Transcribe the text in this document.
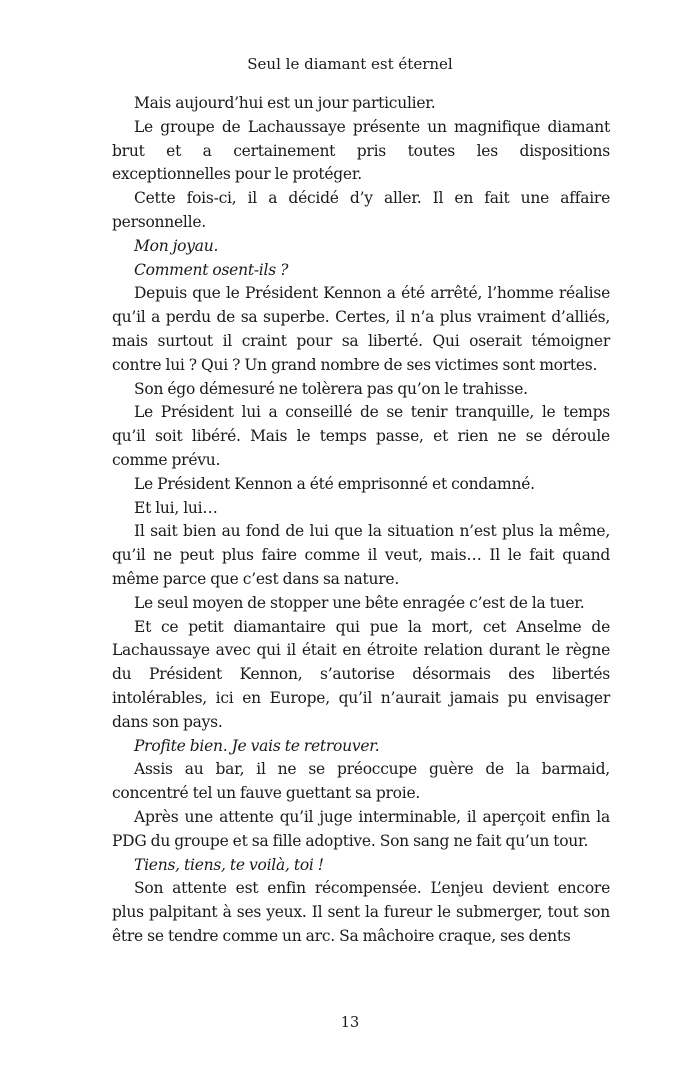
Seul le diamant est éternel

Mais aujourd’hui est un jour particulier.

Le groupe de Lachaussaye présente un magnifique diamant brut et a certainement pris toutes les dispositions exceptionnelles pour le protéger.

Cette fois-ci, il a décidé d’y aller. Il en fait une affaire personnelle.

Mon joyau.

Comment osent-ils ?

Depuis que le Président Kennon a été arrêté, l’homme réalise qu’il a perdu de sa superbe. Certes, il n’a plus vraiment d’alliés, mais surtout il craint pour sa liberté. Qui oserait témoigner contre lui ? Qui ? Un grand nombre de ses victimes sont mortes.

Son égo démesuré ne tolèrera pas qu’on le trahisse.

Le Président lui a conseillé de se tenir tranquille, le temps qu’il soit libéré. Mais le temps passe, et rien ne se déroule comme prévu.

Le Président Kennon a été emprisonné et condamné.

Et lui, lui…

Il sait bien au fond de lui que la situation n’est plus la même, qu’il ne peut plus faire comme il veut, mais… Il le fait quand même parce que c’est dans sa nature.

Le seul moyen de stopper une bête enragée c’est de la tuer.

Et ce petit diamantaire qui pue la mort, cet Anselme de Lachaussaye avec qui il était en étroite relation durant le règne du Président Kennon, s’autorise désormais des libertés intolérables, ici en Europe, qu’il n’aurait jamais pu envisager dans son pays.

Profite bien. Je vais te retrouver.

Assis au bar, il ne se préoccupe guère de la barmaid, concentré tel un fauve guettant sa proie.

Après une attente qu’il juge interminable, il aperçoit enfin la PDG du groupe et sa fille adoptive. Son sang ne fait qu’un tour.

Tiens, tiens, te voilà, toi !

Son attente est enfin récompensée. L’enjeu devient encore plus palpitant à ses yeux. Il sent la fureur le submerger, tout son être se tendre comme un arc. Sa mâchoire craque, ses dents

13
